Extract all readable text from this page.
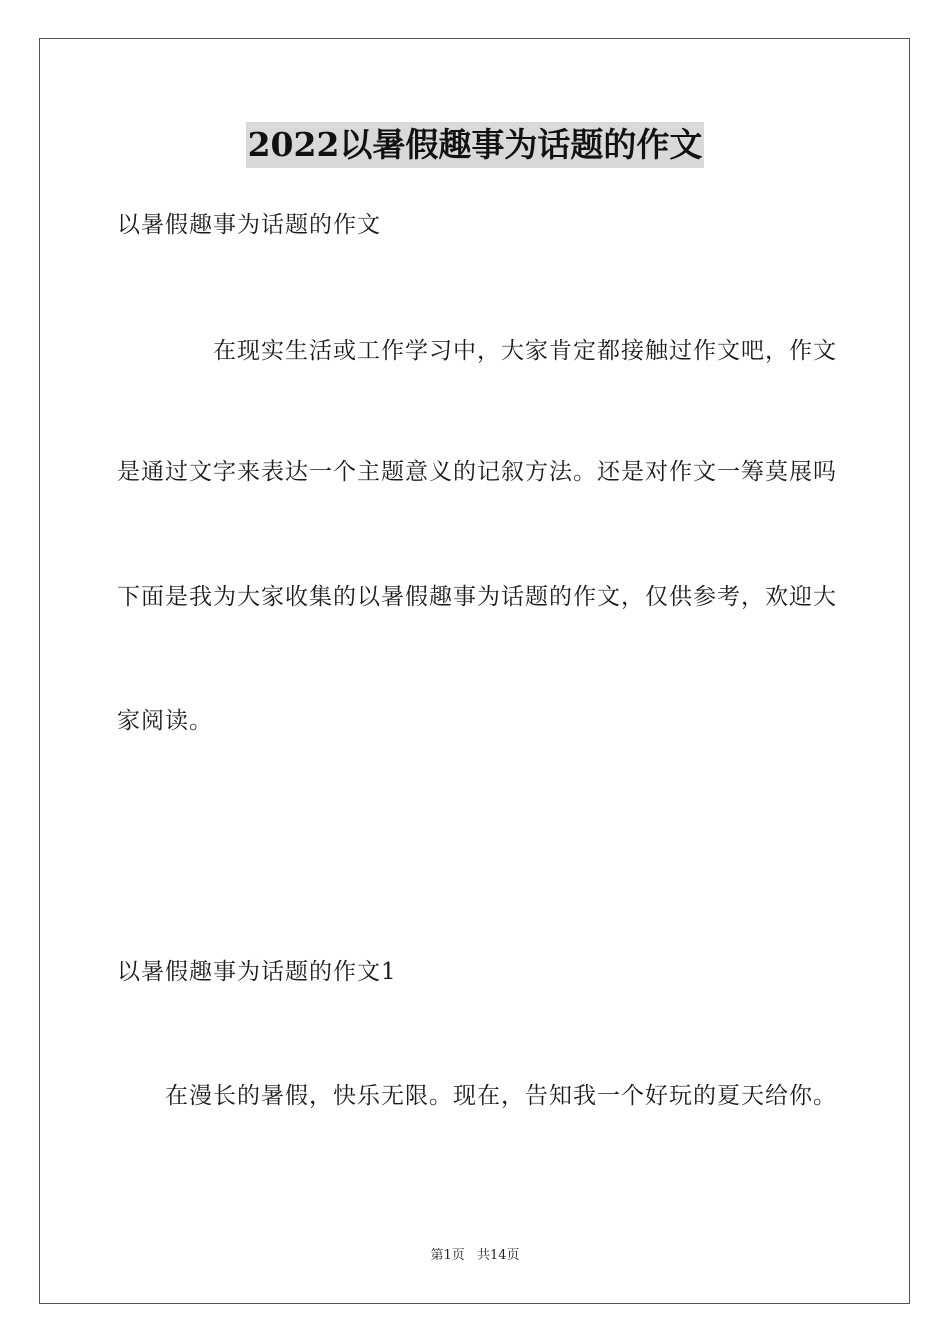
2022以暑假趣事为话题的作文
以暑假趣事为话题的作文
在现实生活或工作学习中，大家肯定都接触过作文吧，作文
是通过文字来表达一个主题意义的记叙方法。还是对作文一筹莫展吗
下面是我为大家收集的以暑假趣事为话题的作文，仅供参考，欢迎大
家阅读。
以暑假趣事为话题的作文1
在漫长的暑假，快乐无限。现在，告知我一个好玩的夏天给你。
第1页 共14页
